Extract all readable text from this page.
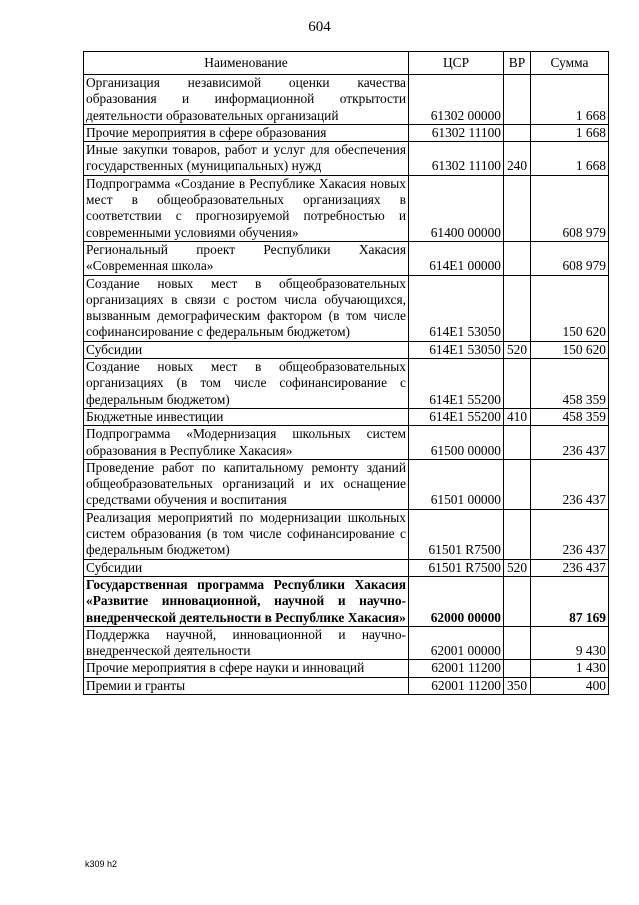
604
Наименование	ЦСР	ВР	Сумма
Организация независимой оценки качества образования и информационной открытости деятельности образовательных организаций	61302 00000		1 668
Прочие мероприятия в сфере образования	61302 11100		1 668
Иные закупки товаров, работ и услуг для обеспечения государственных (муниципальных) нужд	61302 11100	240	1 668
Подпрограмма «Создание в Республике Хакасия новых мест в общеобразовательных организациях в соответствии с прогнозируемой потребностью и современными условиями обучения»	61400 00000		608 979
Региональный проект Республики Хакасия «Современная школа»	614E1 00000		608 979
Создание новых мест в общеобразовательных организациях в связи с ростом числа обучающихся, вызванным демографическим фактором (в том числе софинансирование с федеральным бюджетом)	614E1 53050		150 620
Субсидии	614E1 53050	520	150 620
Создание новых мест в общеобразовательных организациях (в том числе софинансирование с федеральным бюджетом)	614E1 55200		458 359
Бюджетные инвестиции	614E1 55200	410	458 359
Подпрограмма «Модернизация школьных систем образования в Республике Хакасия»	61500 00000		236 437
Проведение работ по капитальному ремонту зданий общеобразовательных организаций и их оснащение средствами обучения и воспитания	61501 00000		236 437
Реализация мероприятий по модернизации школьных систем образования (в том числе софинансирование с федеральным бюджетом)	61501 R7500		236 437
Субсидии	61501 R7500	520	236 437
Государственная программа Республики Хакасия «Развитие инновационной, научной и научно-внедренческой деятельности в Республике Хакасия»	62000 00000		87 169
Поддержка научной, инновационной и научно-внедренческой деятельности	62001 00000		9 430
Прочие мероприятия в сфере науки и инноваций	62001 11200		1 430
Премии и гранты	62001 11200	350	400
k309 h2
